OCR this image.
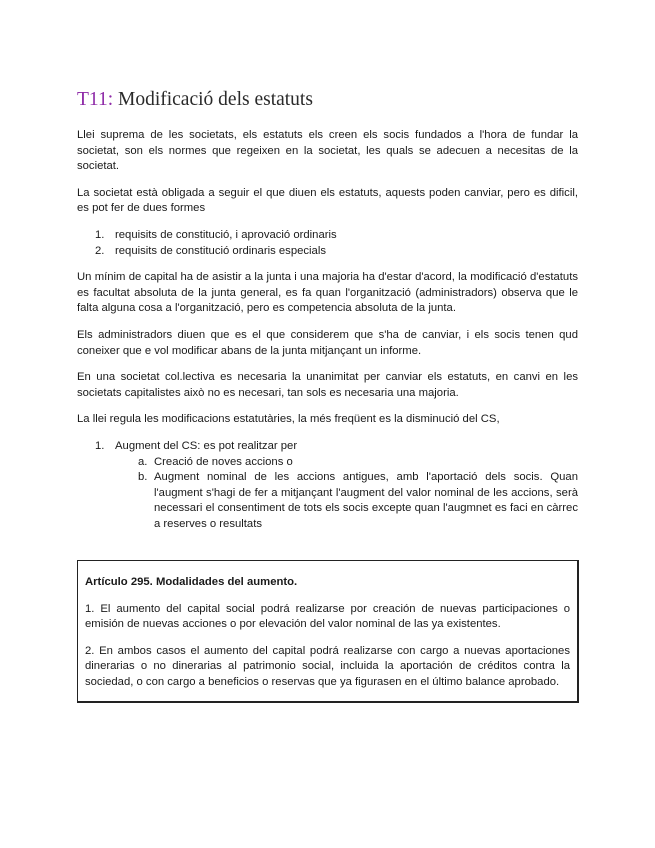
T11: Modificació dels estatuts

Llei suprema de les societats, els estatuts els creen els socis fundados a l'hora de fundar la societat, son els normes que regeixen en la societat, les quals se adecuen a necesitas de la societat.

La societat està obligada a seguir el que diuen els estatuts, aquests poden canviar, pero es dificil, es pot fer de dues formes

1. requisits de constitució, i aprovació ordinaris
2. requisits de constitució ordinaris especials

Un mínim de capital ha de asistir a la junta i una majoria ha d'estar d'acord, la modificació d'estatuts es facultat absoluta de la junta general, es fa quan l'organització (administradors) observa que le falta alguna cosa a l'organització, pero es competencia absoluta de la junta.

Els administradors diuen que es el que considerem que s'ha de canviar, i els socis tenen qud coneixer que e vol modificar abans de la junta mitjançant un informe.

En una societat col.lectiva es necesaria la unanimitat per canviar els estatuts, en canvi en les societats capitalistes això no es necesari, tan sols es necesaria una majoria.

La llei regula les modificacions estatutàries, la més freqüent es la disminució del CS,

1. Augment del CS: es pot realitzar per
a. Creació de noves accions o
b. Augment nominal de les accions antigues, amb l'aportació dels socis. Quan l'augment s'hagi de fer a mitjançant l'augment del valor nominal de les accions, serà necessari el consentiment de tots els socis excepte quan l'augmnet es faci en càrrec a reserves o resultats

Artículo 295. Modalidades del aumento.

1. El aumento del capital social podrá realizarse por creación de nuevas participaciones o emisión de nuevas acciones o por elevación del valor nominal de las ya existentes.

2. En ambos casos el aumento del capital podrá realizarse con cargo a nuevas aportaciones dinerarias o no dinerarias al patrimonio social, incluida la aportación de créditos contra la sociedad, o con cargo a beneficios o reservas que ya figurasen en el último balance aprobado.
